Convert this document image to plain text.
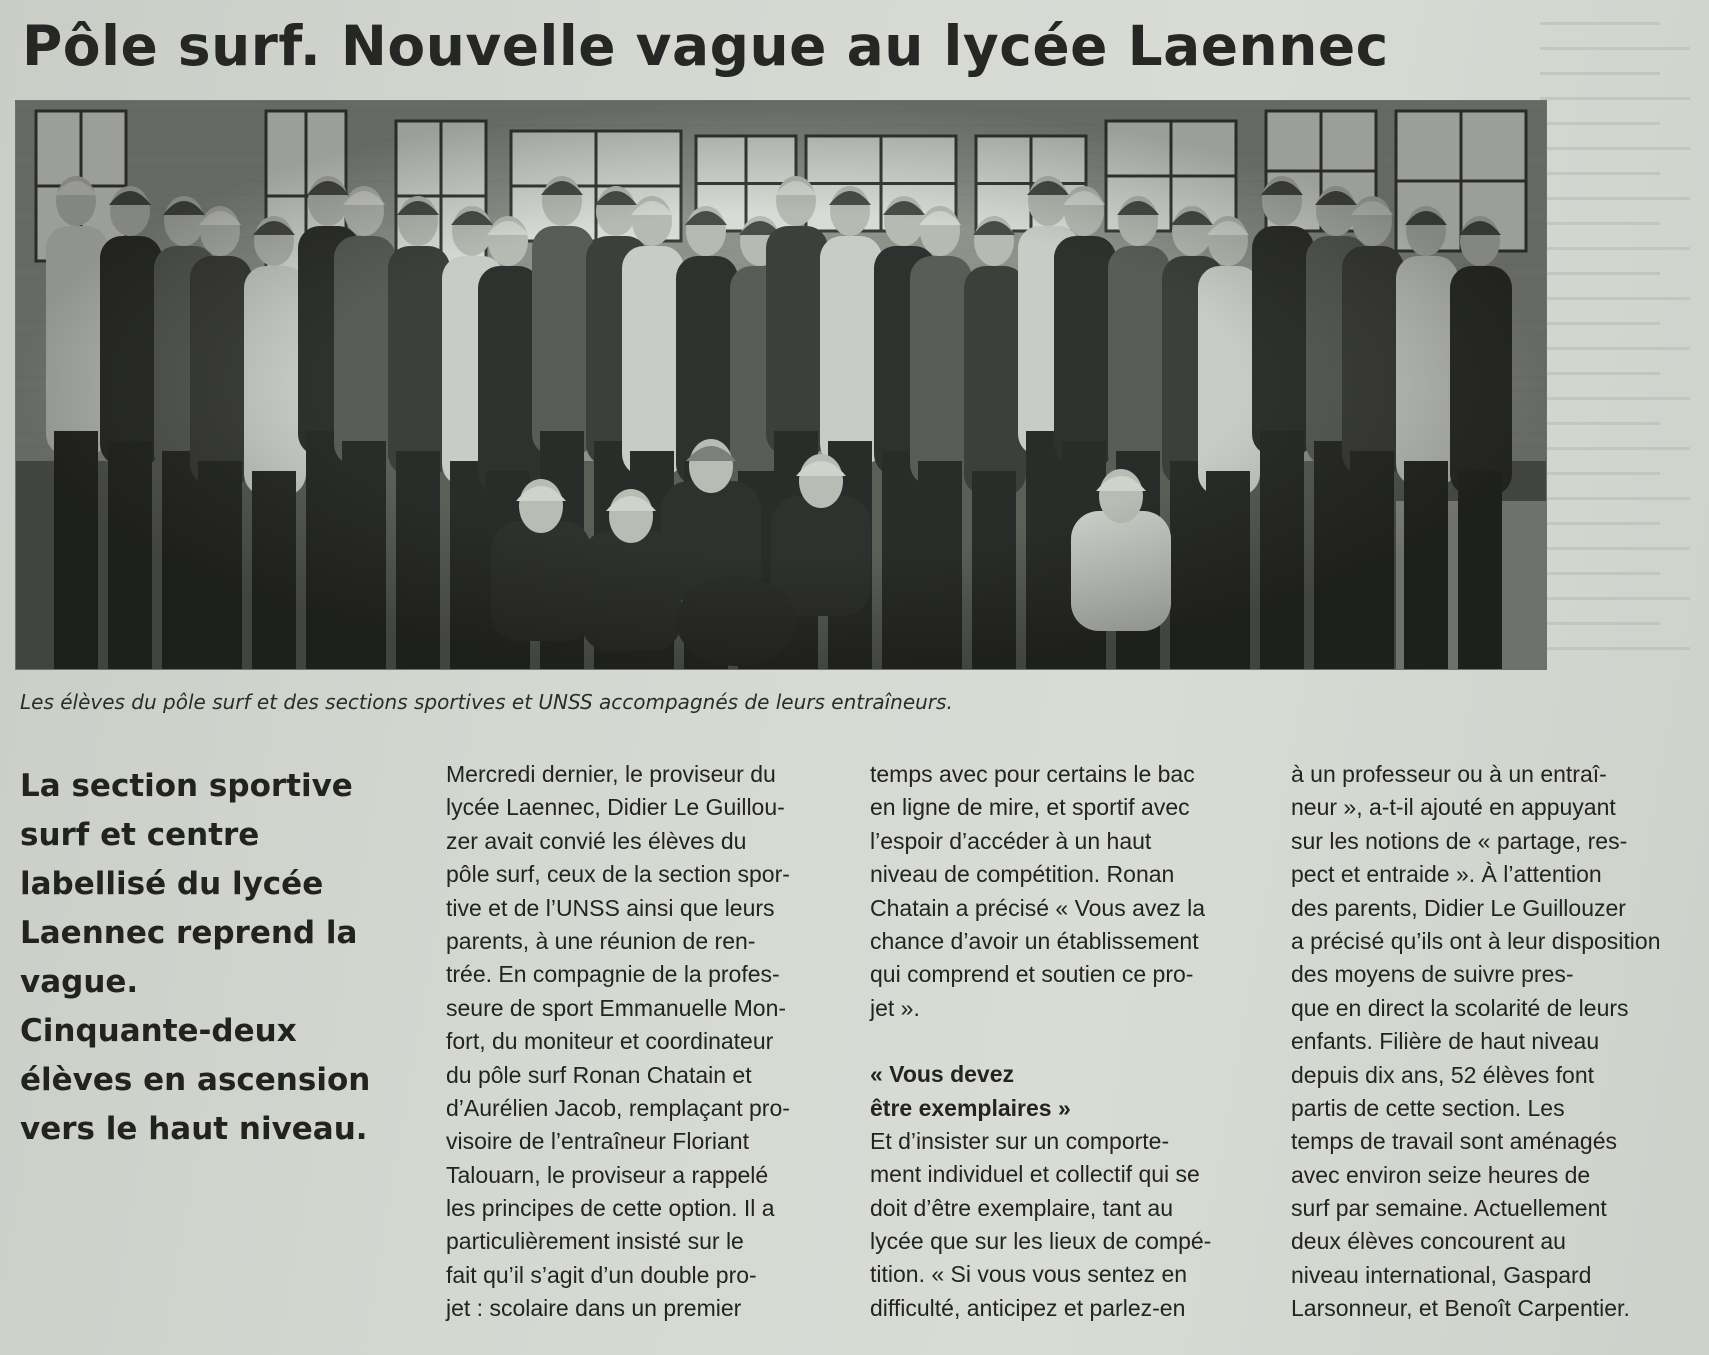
Pôle surf. Nouvelle vague au lycée Laennec

Les élèves du pôle surf et des sections sportives et UNSS accompagnés de leurs entraîneurs.

La section sportive
surf et centre
labellisé du lycée
Laennec reprend la
vague.
Cinquante-deux
élèves en ascension
vers le haut niveau.
Mercredi dernier, le proviseur du
lycée Laennec, Didier Le Guillou-
zer avait convié les élèves du
pôle surf, ceux de la section spor-
tive et de l’UNSS ainsi que leurs
parents, à une réunion de ren-
trée. En compagnie de la profes-
seure de sport Emmanuelle Mon-
fort, du moniteur et coordinateur
du pôle surf Ronan Chatain et
d’Aurélien Jacob, remplaçant pro-
visoire de l’entraîneur Floriant
Talouarn, le proviseur a rappelé
les principes de cette option. Il a
particulièrement insisté sur le
fait qu’il s’agit d’un double pro-
jet : scolaire dans un premier
temps avec pour certains le bac
en ligne de mire, et sportif avec
l’espoir d’accéder à un haut
niveau de compétition. Ronan
Chatain a précisé « Vous avez la
chance d’avoir un établissement
qui comprend et soutien ce pro-
jet ».
« Vous devez
être exemplaires »
Et d’insister sur un comporte-
ment individuel et collectif qui se
doit d’être exemplaire, tant au
lycée que sur les lieux de compé-
tition. « Si vous vous sentez en
difficulté, anticipez et parlez-en
à un professeur ou à un entraî-
neur », a-t-il ajouté en appuyant
sur les notions de « partage, res-
pect et entraide ». À l’attention
des parents, Didier Le Guillouzer
a précisé qu’ils ont à leur disposition
des moyens de suivre pres-
que en direct la scolarité de leurs
enfants. Filière de haut niveau
depuis dix ans, 52 élèves font
partis de cette section. Les
temps de travail sont aménagés
avec environ seize heures de
surf par semaine. Actuellement
deux élèves concourent au
niveau international, Gaspard
Larsonneur, et Benoît Carpentier.
